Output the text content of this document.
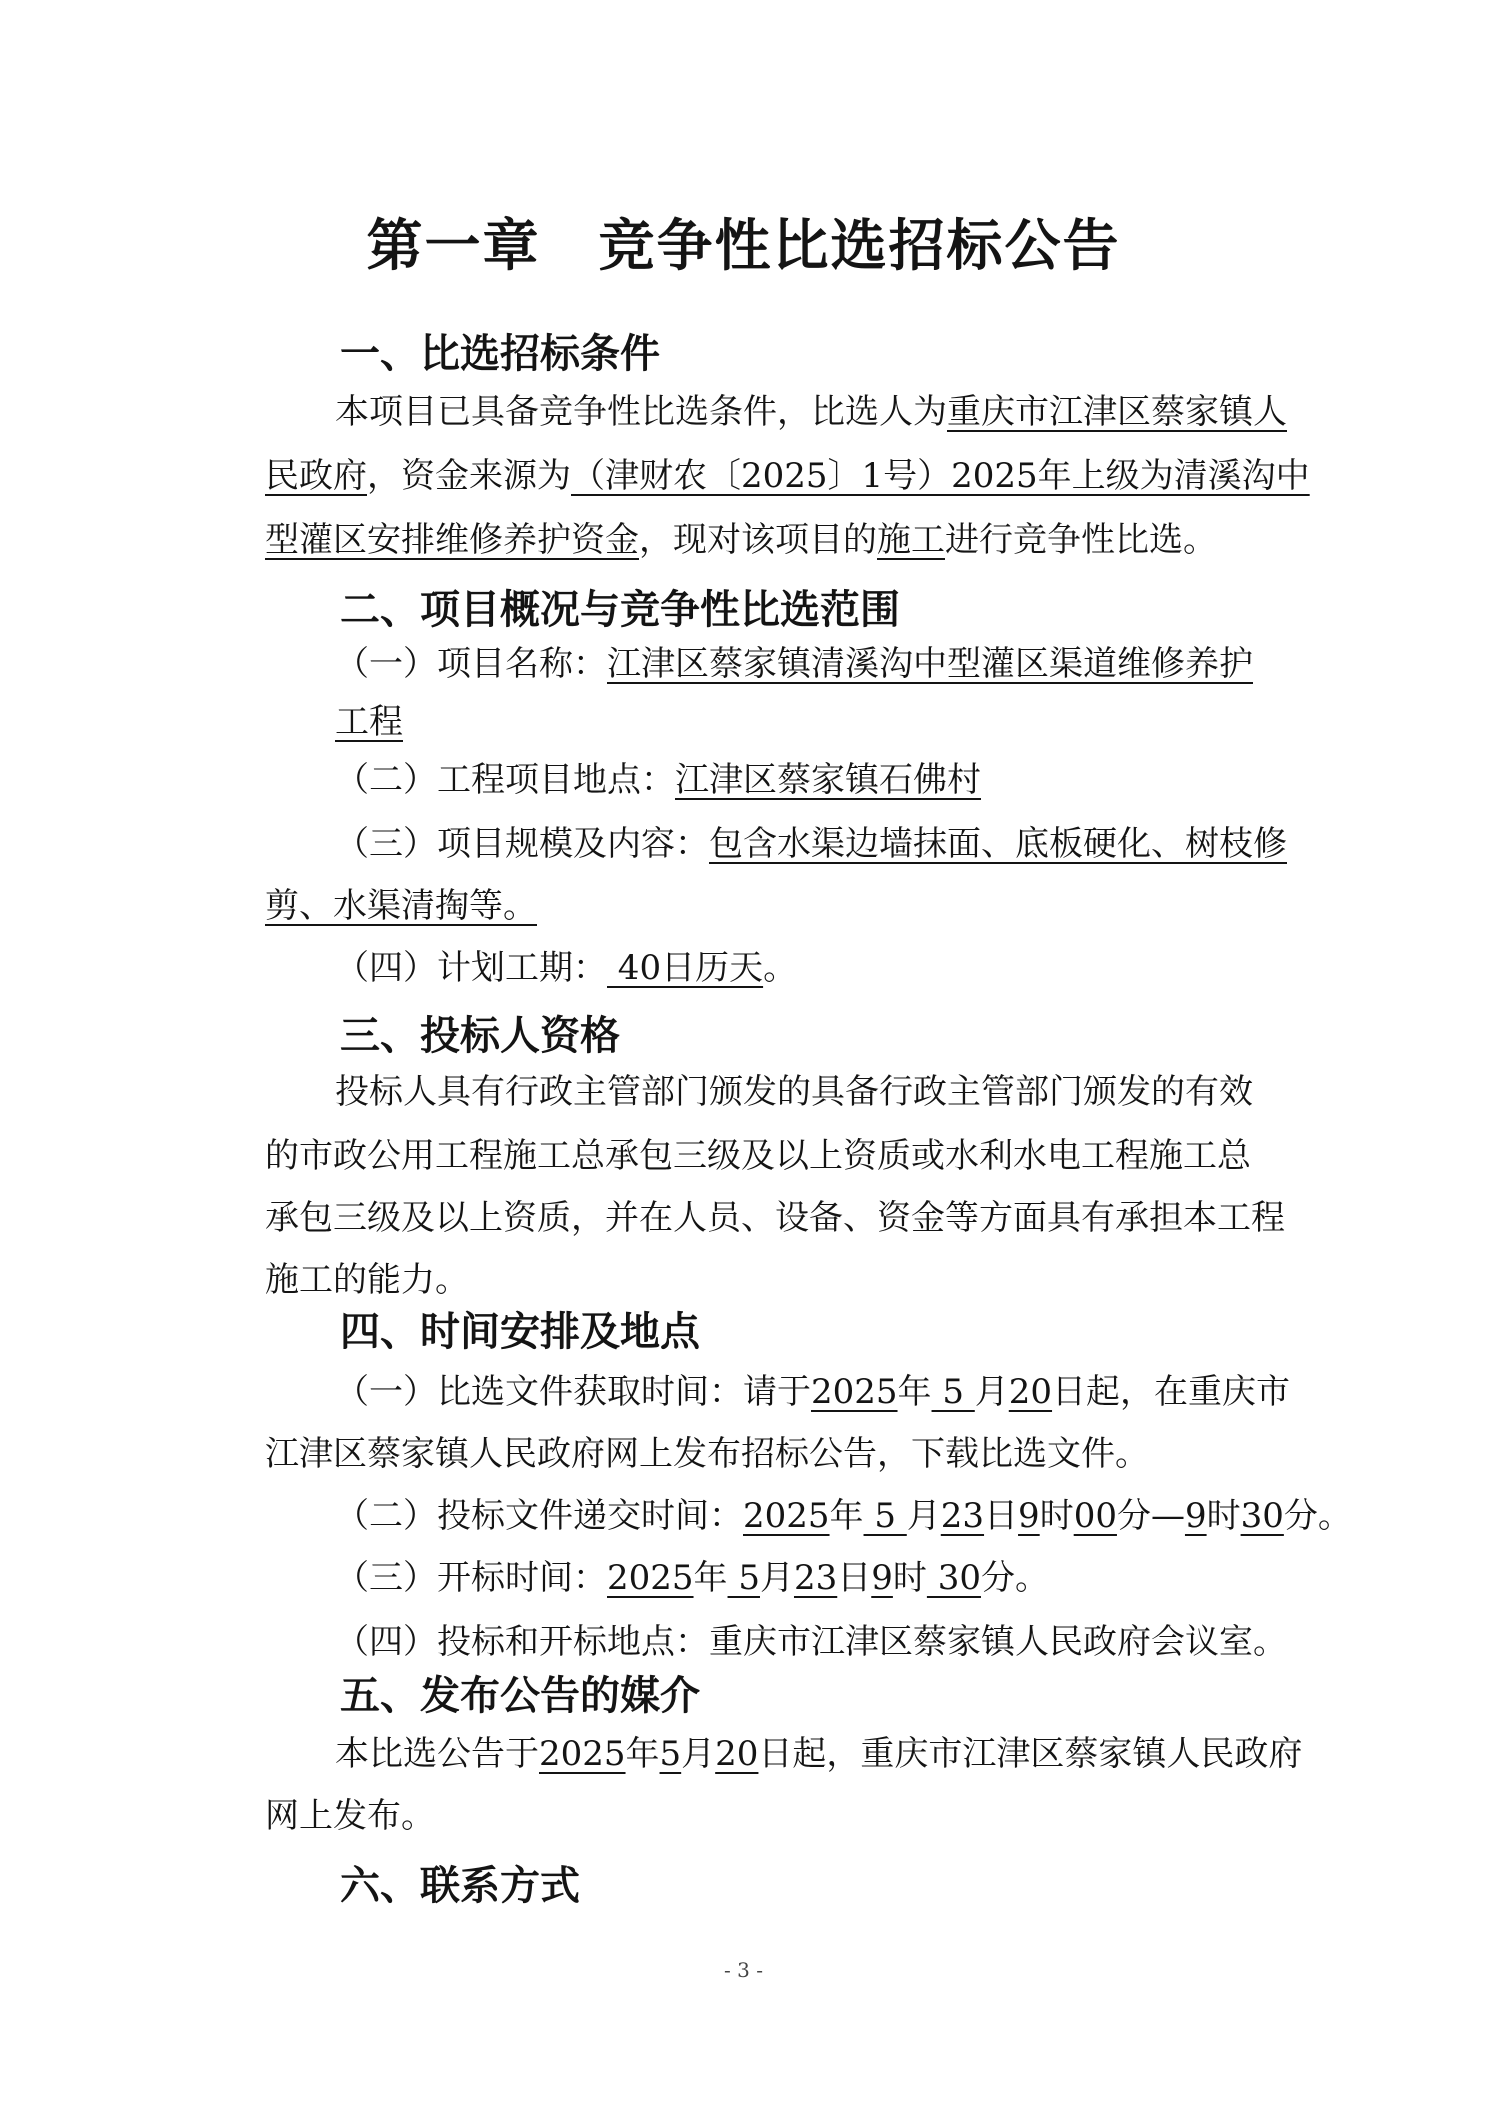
第一章　竞争性比选招标公告
一、比选招标条件
本项目已具备竞争性比选条件，比选人为重庆市江津区蔡家镇人
民政府，资金来源为（津财农〔2025〕1号）2025年上级为清溪沟中
型灌区安排维修养护资金，现对该项目的施工进行竞争性比选。
二、项目概况与竞争性比选范围
（一）项目名称：江津区蔡家镇清溪沟中型灌区渠道维修养护
工程
（二）工程项目地点：江津区蔡家镇石佛村
（三）项目规模及内容：包含水渠边墙抹面、底板硬化、树枝修
剪、水渠清掏等。
（四）计划工期： 40日历天。
三、投标人资格
投标人具有行政主管部门颁发的具备行政主管部门颁发的有效
的市政公用工程施工总承包三级及以上资质或水利水电工程施工总
承包三级及以上资质，并在人员、设备、资金等方面具有承担本工程
施工的能力。
四、时间安排及地点
（一）比选文件获取时间：请于2025年 5 月20日起，在重庆市
江津区蔡家镇人民政府网上发布招标公告，下载比选文件。
（二）投标文件递交时间：2025年 5 月23日9时00分—9时30分。
（三）开标时间：2025年 5月23日9时 30分。
（四）投标和开标地点：重庆市江津区蔡家镇人民政府会议室。
五、发布公告的媒介
本比选公告于2025年5月20日起，重庆市江津区蔡家镇人民政府
网上发布。
六、联系方式
- 3 -
